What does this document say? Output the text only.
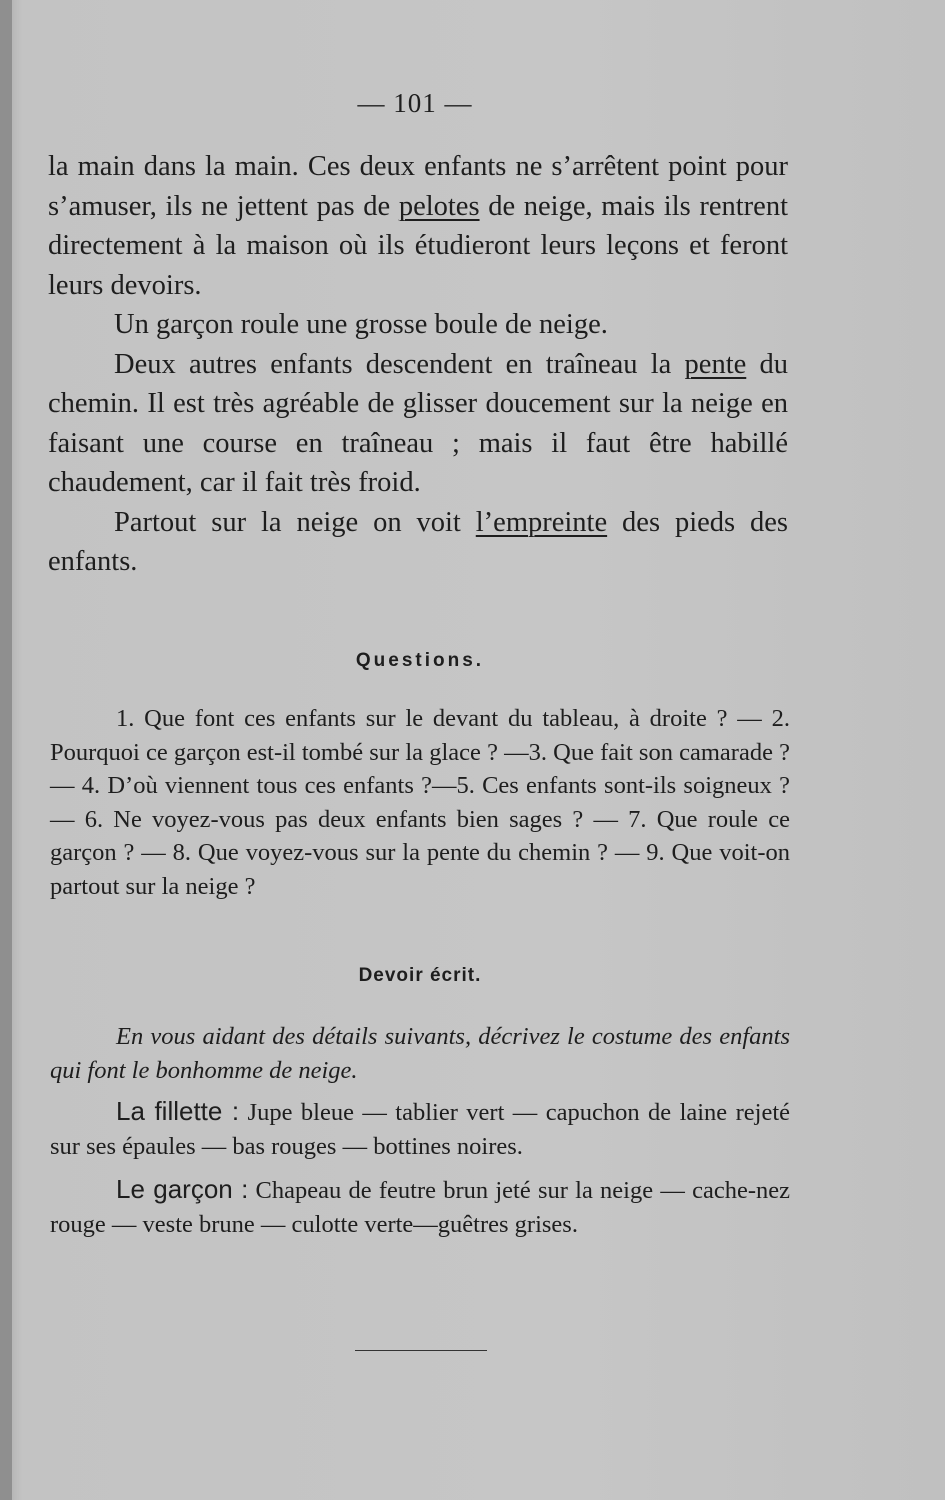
— 101 —

la main dans la main. Ces deux enfants ne s’arrêtent point pour s’amuser, ils ne jettent pas de pelotes de neige, mais ils rentrent directement à la maison où ils étudieront leurs leçons et feront leurs devoirs.

Un garçon roule une grosse boule de neige.

Deux autres enfants descendent en traîneau la pente du chemin. Il est très agréable de glisser doucement sur la neige en faisant une course en traîneau ; mais il faut être habillé chaudement, car il fait très froid.

Partout sur la neige on voit l’empreinte des pieds des enfants.

Questions.

1. Que font ces enfants sur le devant du tableau, à droite ? — 2. Pourquoi ce garçon est-il tombé sur la glace ? —3. Que fait son camarade ? — 4. D’où viennent tous ces enfants ?—5. Ces enfants sont-ils soigneux ?— 6. Ne voyez-vous pas deux enfants bien sages ? — 7. Que roule ce garçon ? — 8. Que voyez-vous sur la pente du chemin ? — 9. Que voit-on partout sur la neige ?

Devoir écrit.

En vous aidant des détails suivants, décrivez le costume des enfants qui font le bonhomme de neige.

La fillette : Jupe bleue — tablier vert — capuchon de laine rejeté sur ses épaules — bas rouges — bottines noires.

Le garçon : Chapeau de feutre brun jeté sur la neige — cache-nez rouge — veste brune — culotte verte—guêtres grises.
